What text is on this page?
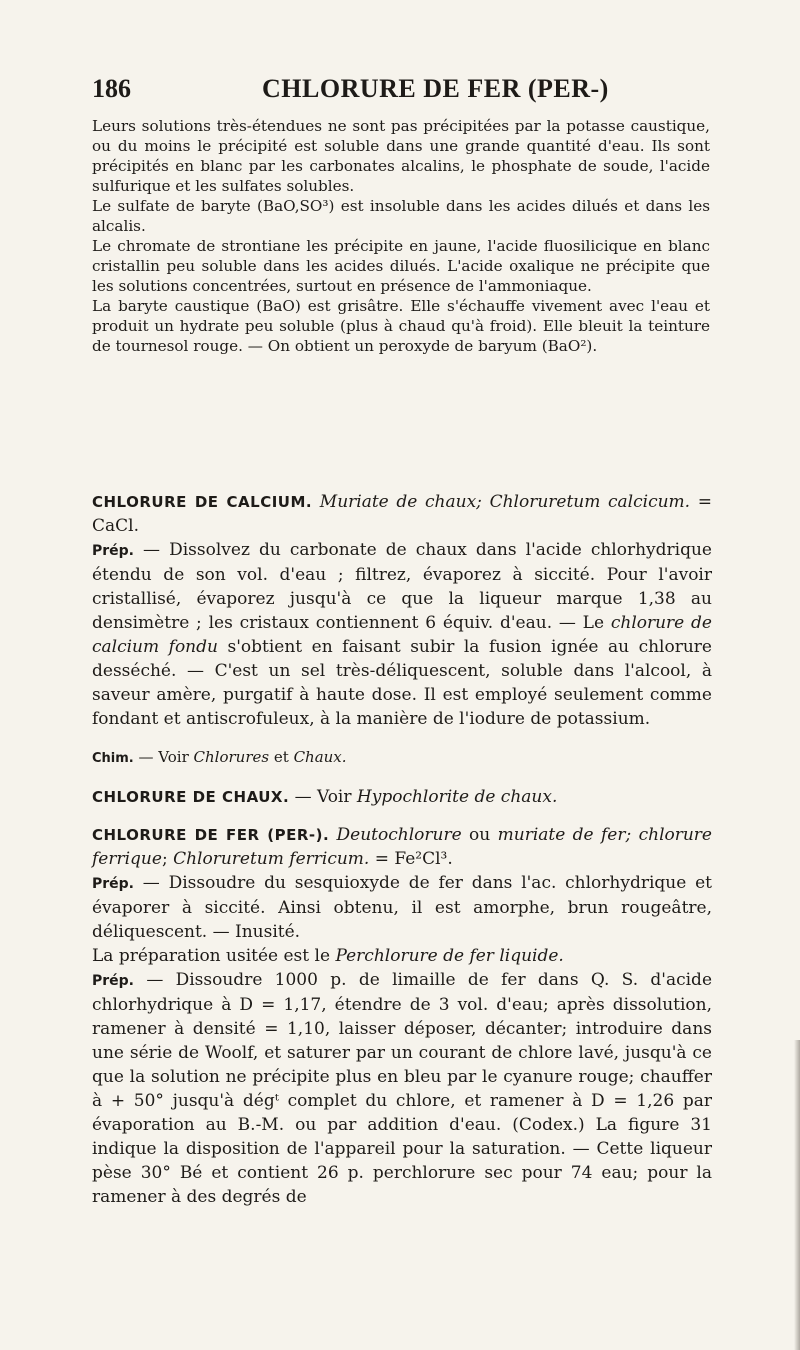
186	CHLORURE DE FER (PER-)

Leurs solutions très-étendues ne sont pas précipitées par la potasse caustique, ou du moins le précipité est soluble dans une grande quantité d'eau. Ils sont précipités en blanc par les carbonates alcalins, le phosphate de soude, l'acide sulfurique et les sulfates solubles.

Le sulfate de baryte (BaO,SO³) est insoluble dans les acides dilués et dans les alcalis.

Le chromate de strontiane les précipite en jaune, l'acide fluosilicique en blanc cristallin peu soluble dans les acides dilués. L'acide oxalique ne précipite que les solutions concentrées, surtout en présence de l'ammoniaque.

La baryte caustique (BaO) est grisâtre. Elle s'échauffe vivement avec l'eau et produit un hydrate peu soluble (plus à chaud qu'à froid). Elle bleuit la teinture de tournesol rouge. — On obtient un peroxyde de baryum (BaO²).

CHLORURE DE CALCIUM. Muriate de chaux; Chloruretum calcicum. = CaCl.

Prép. — Dissolvez du carbonate de chaux dans l'acide chlorhydrique étendu de son vol. d'eau ; filtrez, évaporez à siccité. Pour l'avoir cristallisé, évaporez jusqu'à ce que la liqueur marque 1,38 au densimètre ; les cristaux contiennent 6 équiv. d'eau. — Le chlorure de calcium fondu s'obtient en faisant subir la fusion ignée au chlorure desséché. — C'est un sel très-déliquescent, soluble dans l'alcool, à saveur amère, purgatif à haute dose. Il est employé seulement comme fondant et antiscrofuleux, à la manière de l'iodure de potassium.

Chim. — Voir Chlorures et Chaux.

CHLORURE DE CHAUX. — Voir Hypochlorite de chaux.

CHLORURE DE FER (PER-). Deutochlorure ou muriate de fer; chlorure ferrique; Chloruretum ferricum. = Fe²Cl³.

Prép. — Dissoudre du sesquioxyde de fer dans l'ac. chlorhydrique et évaporer à siccité. Ainsi obtenu, il est amorphe, brun rougeâtre, déliquescent. — Inusité.

La préparation usitée est le Perchlorure de fer liquide.

Prép. — Dissoudre 1000 p. de limaille de fer dans Q. S. d'acide chlorhydrique à D = 1,17, étendre de 3 vol. d'eau; après dissolution, ramener à densité = 1,10, laisser déposer, décanter; introduire dans une série de Woolf, et saturer par un courant de chlore lavé, jusqu'à ce que la solution ne précipite plus en bleu par le cyanure rouge; chauffer à + 50° jusqu'à dégᵗ complet du chlore, et ramener à D = 1,26 par évaporation au B.-M. ou par addition d'eau. (Codex.) La figure 31 indique la disposition de l'appareil pour la saturation. — Cette liqueur pèse 30° Bé et contient 26 p. perchlorure sec pour 74 eau; pour la ramener à des degrés de
